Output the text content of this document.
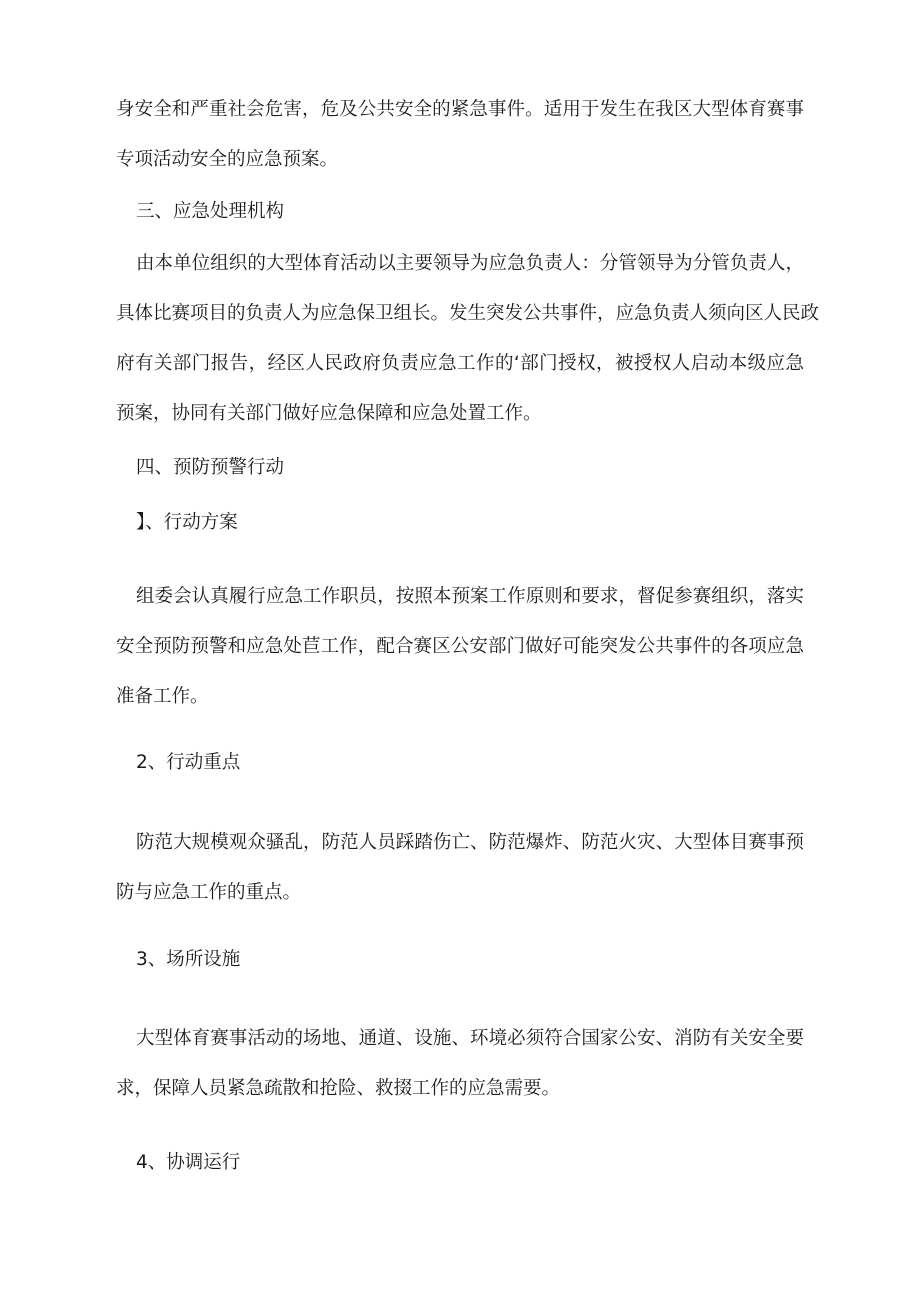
身安全和严重社会危害，危及公共安全的紧急事件。适用于发生在我区大型体育赛事
专项活动安全的应急预案。
三、应急处理机构
由本单位组织的大型体育活动以主要领导为应急负责人：分管领导为分管负责人，
具体比赛项目的负责人为应急保卫组长。发生突发公共事件，应急负责人须向区人民政
府有关部门报告，经区人民政府负责应急工作的‘部门授权，被授权人启动本级应急
预案，协同有关部门做好应急保障和应急处置工作。
四、预防预警行动
】、行动方案
组委会认真履行应急工作职员，按照本预案工作原则和要求，督促参赛组织，落实
安全预防预警和应急处苣工作，配合赛区公安部门做好可能突发公共事件的各项应急
准备工作。
2、行动重点
防范大规模观众骚乱，防范人员踩踏伤亡、防范爆炸、防范火灾、大型体目赛事预
防与应急工作的重点。
3、场所设施
大型体育赛事活动的场地、通道、设施、环境必须符合国家公安、消防有关安全要
求，保障人员紧急疏散和抢险、救掇工作的应急需要。
4、协调运行
